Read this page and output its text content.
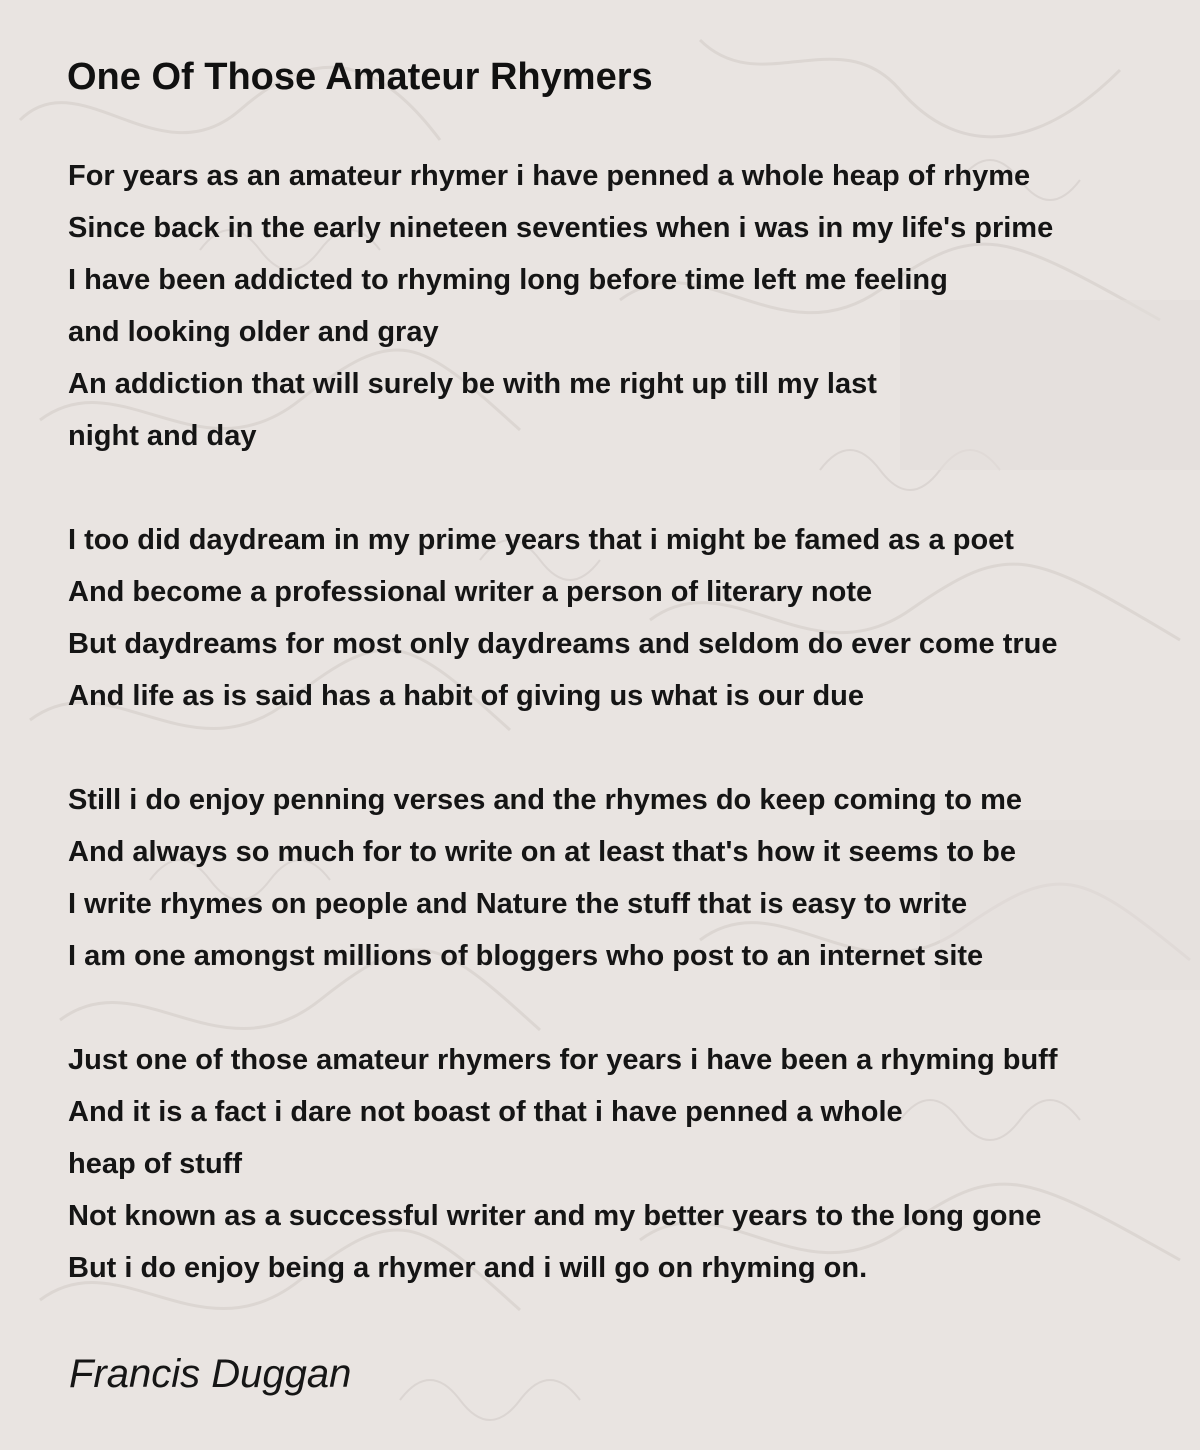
One Of Those Amateur Rhymers
For years as an amateur rhymer i have penned a whole heap of rhyme
Since back in the early nineteen seventies when i was in my life's prime
I have been addicted to rhyming long before time left me feeling
and looking older and gray
An addiction that will surely be with me right up till my last
night and day
I too did daydream in my prime years that i might be famed as a poet
And become a professional writer a person of literary note
But daydreams for most only daydreams and seldom do ever come true
And life as is said has a habit of giving us what is our due
Still i do enjoy penning verses and the rhymes do keep coming to me
And always so much for to write on at least that's how it seems to be
I write rhymes on people and Nature the stuff that is easy to write
I am one amongst millions of bloggers who post to an internet site
Just one of those amateur rhymers for years i have been a rhyming buff
And it is a fact i dare not boast of that i have penned a whole
heap of stuff
Not known as a successful writer and my better years to the long gone
But i do enjoy being a rhymer and i will go on rhyming on.
Francis Duggan
